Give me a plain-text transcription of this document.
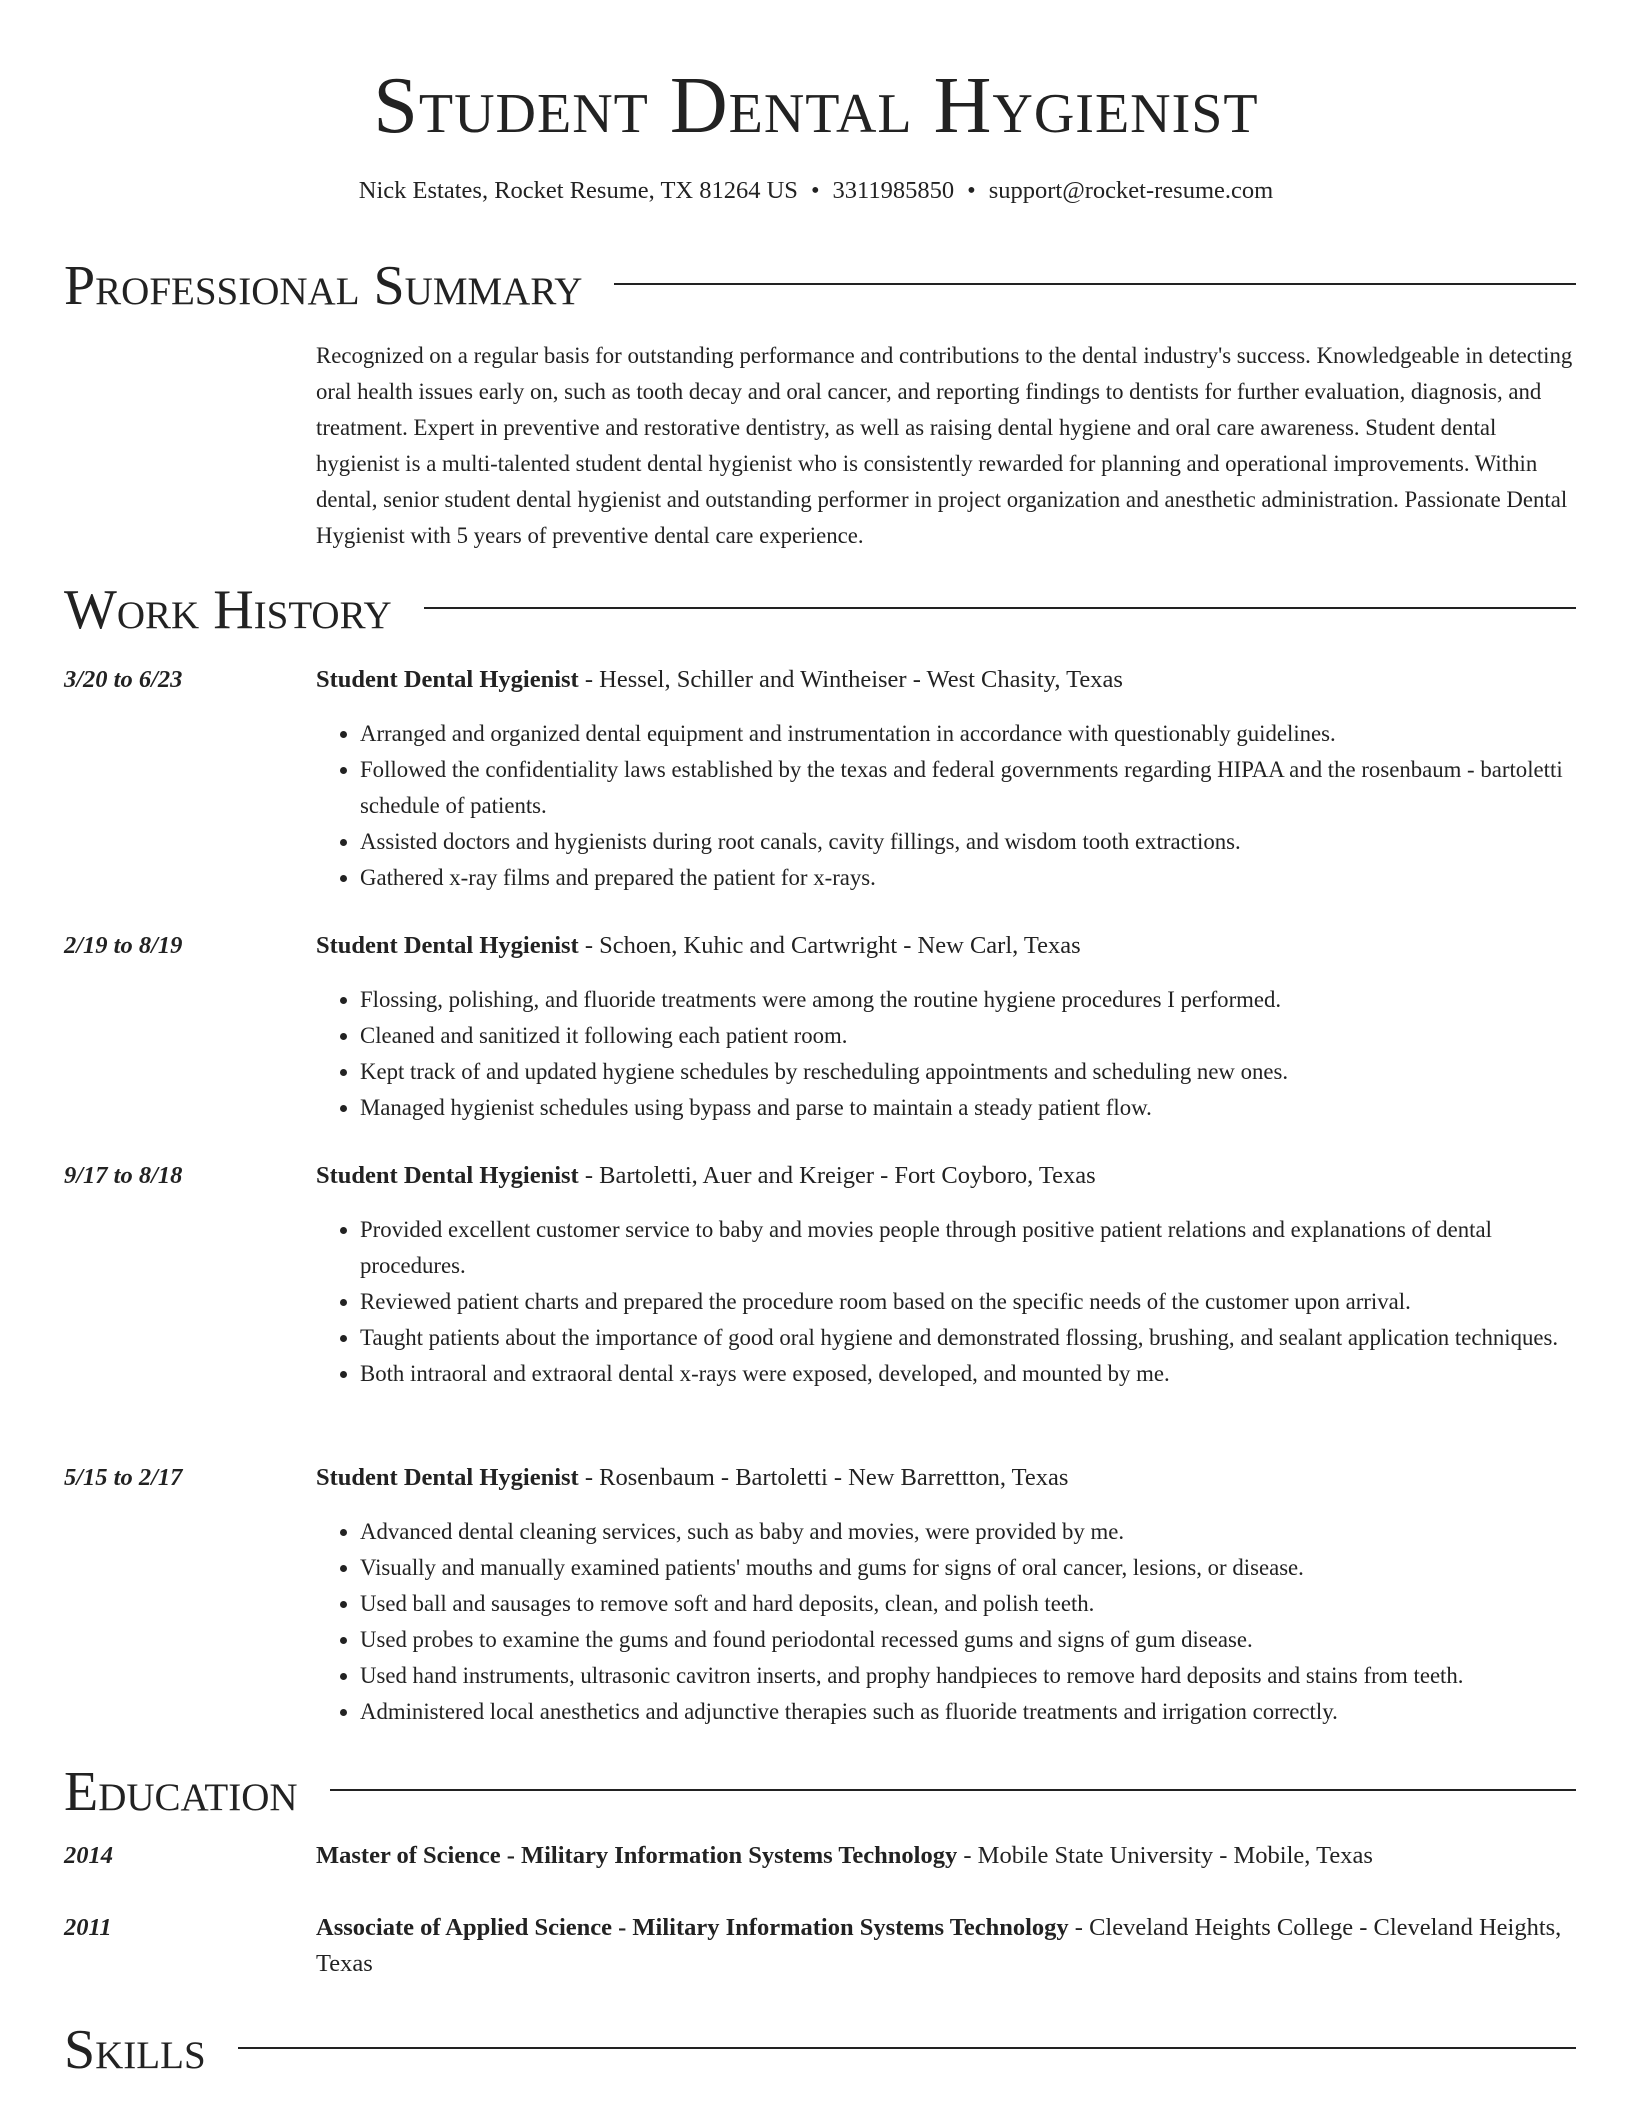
Student Dental Hygienist
Nick Estates, Rocket Resume, TX 81264 US • 3311985850 • support@rocket-resume.com
Professional Summary
Recognized on a regular basis for outstanding performance and contributions to the dental industry's success. Knowledgeable in detecting oral health issues early on, such as tooth decay and oral cancer, and reporting findings to dentists for further evaluation, diagnosis, and treatment. Expert in preventive and restorative dentistry, as well as raising dental hygiene and oral care awareness. Student dental hygienist is a multi-talented student dental hygienist who is consistently rewarded for planning and operational improvements. Within dental, senior student dental hygienist and outstanding performer in project organization and anesthetic administration. Passionate Dental Hygienist with 5 years of preventive dental care experience.
Work History
3/20 to 6/23	Student Dental Hygienist - Hessel, Schiller and Wintheiser - West Chasity, Texas
• Arranged and organized dental equipment and instrumentation in accordance with questionably guidelines.
• Followed the confidentiality laws established by the texas and federal governments regarding HIPAA and the rosenbaum - bartoletti schedule of patients.
• Assisted doctors and hygienists during root canals, cavity fillings, and wisdom tooth extractions.
• Gathered x-ray films and prepared the patient for x-rays.
2/19 to 8/19	Student Dental Hygienist - Schoen, Kuhic and Cartwright - New Carl, Texas
• Flossing, polishing, and fluoride treatments were among the routine hygiene procedures I performed.
• Cleaned and sanitized it following each patient room.
• Kept track of and updated hygiene schedules by rescheduling appointments and scheduling new ones.
• Managed hygienist schedules using bypass and parse to maintain a steady patient flow.
9/17 to 8/18	Student Dental Hygienist - Bartoletti, Auer and Kreiger - Fort Coyboro, Texas
• Provided excellent customer service to baby and movies people through positive patient relations and explanations of dental procedures.
• Reviewed patient charts and prepared the procedure room based on the specific needs of the customer upon arrival.
• Taught patients about the importance of good oral hygiene and demonstrated flossing, brushing, and sealant application techniques.
• Both intraoral and extraoral dental x-rays were exposed, developed, and mounted by me.
5/15 to 2/17	Student Dental Hygienist - Rosenbaum - Bartoletti - New Barrettton, Texas
• Advanced dental cleaning services, such as baby and movies, were provided by me.
• Visually and manually examined patients' mouths and gums for signs of oral cancer, lesions, or disease.
• Used ball and sausages to remove soft and hard deposits, clean, and polish teeth.
• Used probes to examine the gums and found periodontal recessed gums and signs of gum disease.
• Used hand instruments, ultrasonic cavitron inserts, and prophy handpieces to remove hard deposits and stains from teeth.
• Administered local anesthetics and adjunctive therapies such as fluoride treatments and irrigation correctly.
Education
2014	Master of Science - Military Information Systems Technology - Mobile State University - Mobile, Texas
2011	Associate of Applied Science - Military Information Systems Technology - Cleveland Heights College - Cleveland Heights, Texas
Skills
